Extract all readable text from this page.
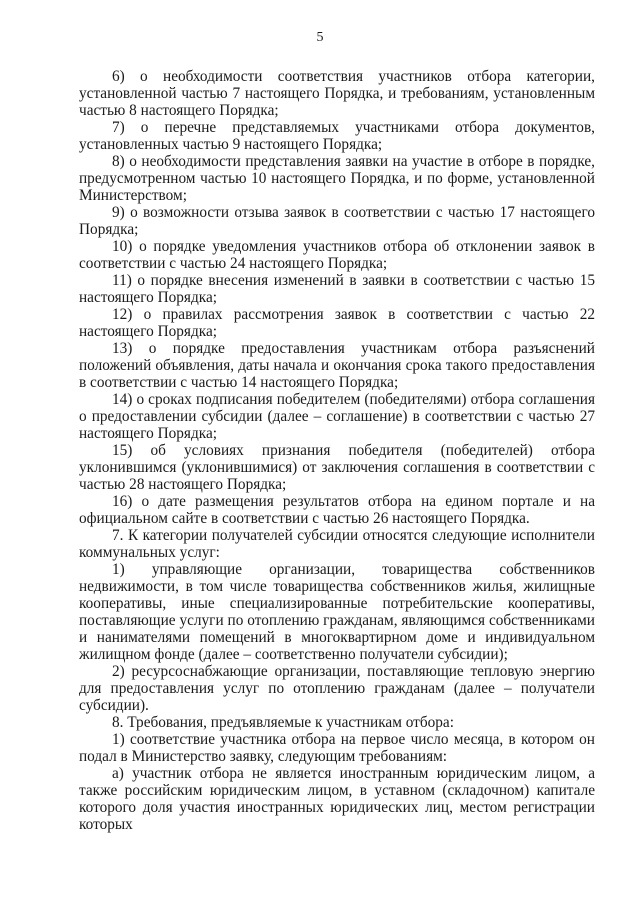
5

6) о необходимости соответствия участников отбора категории, установленной частью 7 настоящего Порядка, и требованиям, установленным частью 8 настоящего Порядка;

7) о перечне представляемых участниками отбора документов, установленных частью 9 настоящего Порядка;

8) о необходимости представления заявки на участие в отборе в порядке, предусмотренном частью 10 настоящего Порядка, и по форме, установленной Министерством;

9) о возможности отзыва заявок в соответствии с частью 17 настоящего Порядка;

10) о порядке уведомления участников отбора об отклонении заявок в соответствии с частью 24 настоящего Порядка;

11) о порядке внесения изменений в заявки в соответствии с частью 15 настоящего Порядка;

12) о правилах рассмотрения заявок в соответствии с частью 22 настоящего Порядка;

13) о порядке предоставления участникам отбора разъяснений положений объявления, даты начала и окончания срока такого предоставления в соответствии с частью 14 настоящего Порядка;

14) о сроках подписания победителем (победителями) отбора соглашения о предоставлении субсидии (далее – соглашение) в соответствии с частью 27 настоящего Порядка;

15) об условиях признания победителя (победителей) отбора уклонившимся (уклонившимися) от заключения соглашения в соответствии с частью 28 настоящего Порядка;

16) о дате размещения результатов отбора на едином портале и на официальном сайте в соответствии с частью 26 настоящего Порядка.

7. К категории получателей субсидии относятся следующие исполнители коммунальных услуг:

1) управляющие организации, товарищества собственников недвижимости, в том числе товарищества собственников жилья, жилищные кооперативы, иные специализированные потребительские кооперативы, поставляющие услуги по отоплению гражданам, являющимся собственниками и нанимателями помещений в многоквартирном доме и индивидуальном жилищном фонде (далее – соответственно получатели субсидии);

2) ресурсоснабжающие организации, поставляющие тепловую энергию для предоставления услуг по отоплению гражданам (далее – получатели субсидии).

8. Требования, предъявляемые к участникам отбора:

1) соответствие участника отбора на первое число месяца, в котором он подал в Министерство заявку, следующим требованиям:

а) участник отбора не является иностранным юридическим лицом, а также российским юридическим лицом, в уставном (складочном) капитале которого доля участия иностранных юридических лиц, местом регистрации которых
